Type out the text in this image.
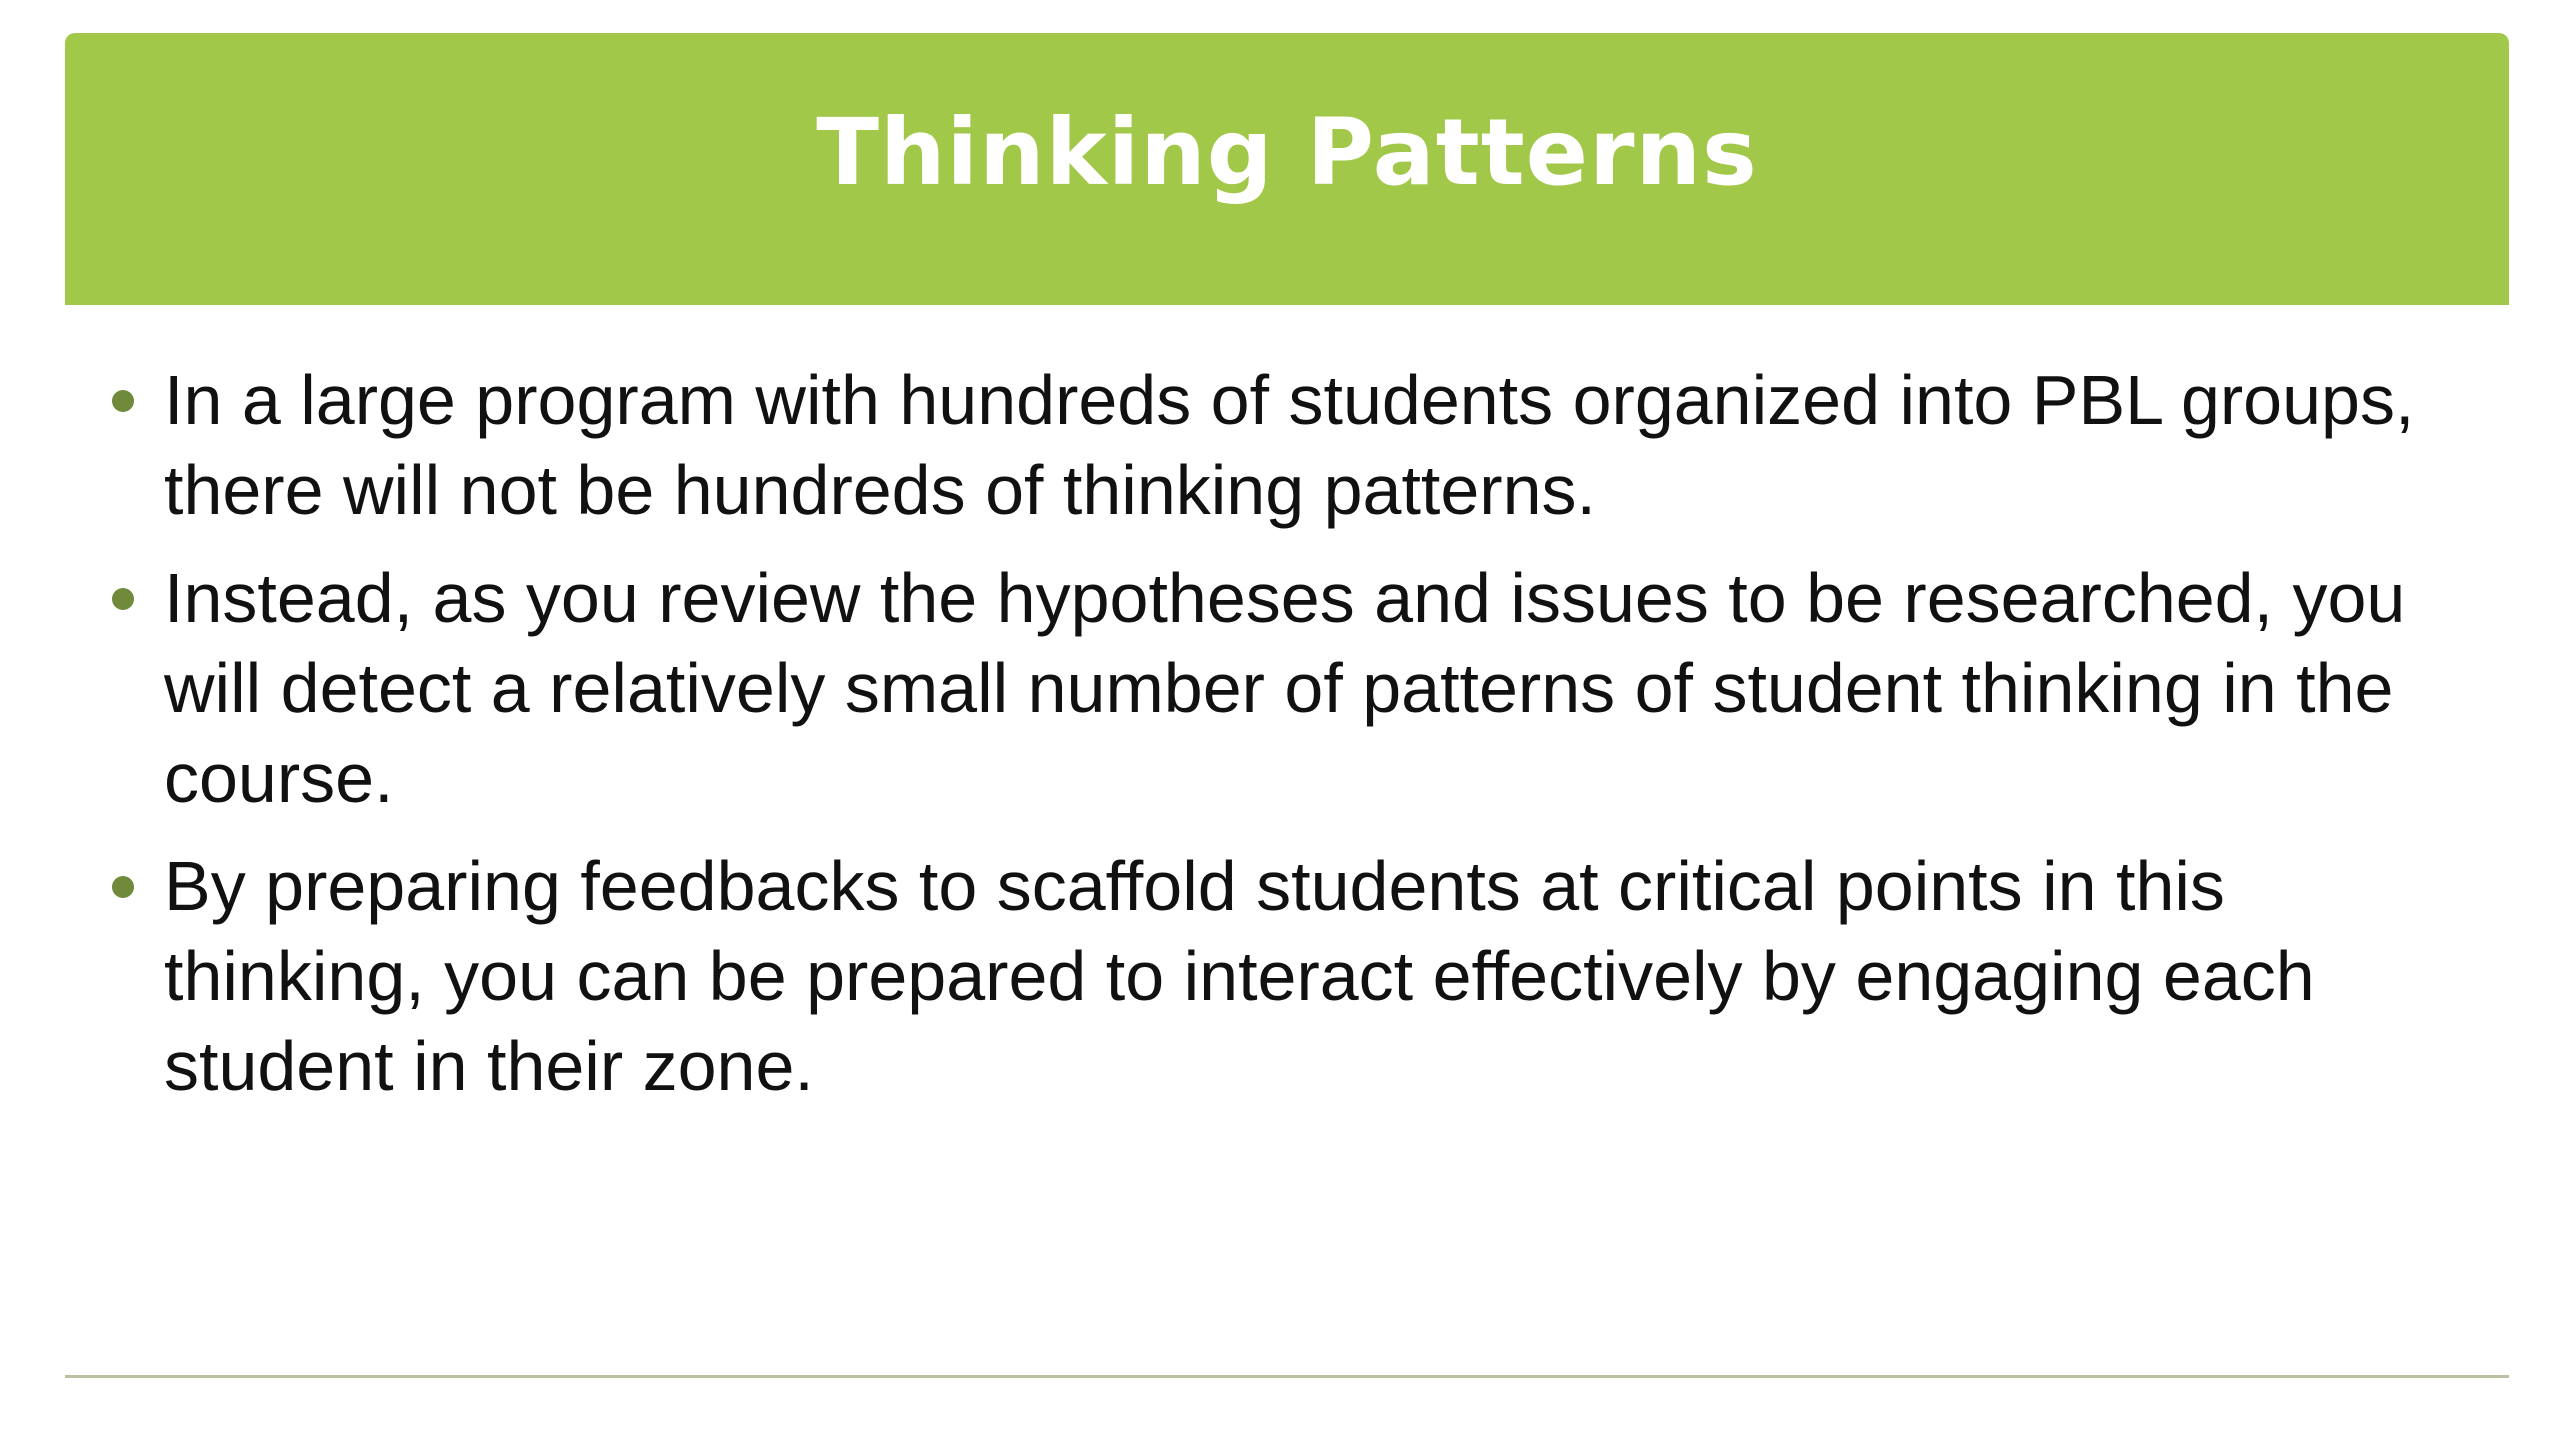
Thinking Patterns
In a large program with hundreds of students organized into PBL groups, there will not be hundreds of thinking patterns.
Instead, as you review the hypotheses and issues to be researched, you will detect a relatively small number of patterns of student thinking in the course.
By preparing feedbacks to scaffold students at critical points in this thinking, you can be prepared to interact effectively by engaging each student in their zone.
